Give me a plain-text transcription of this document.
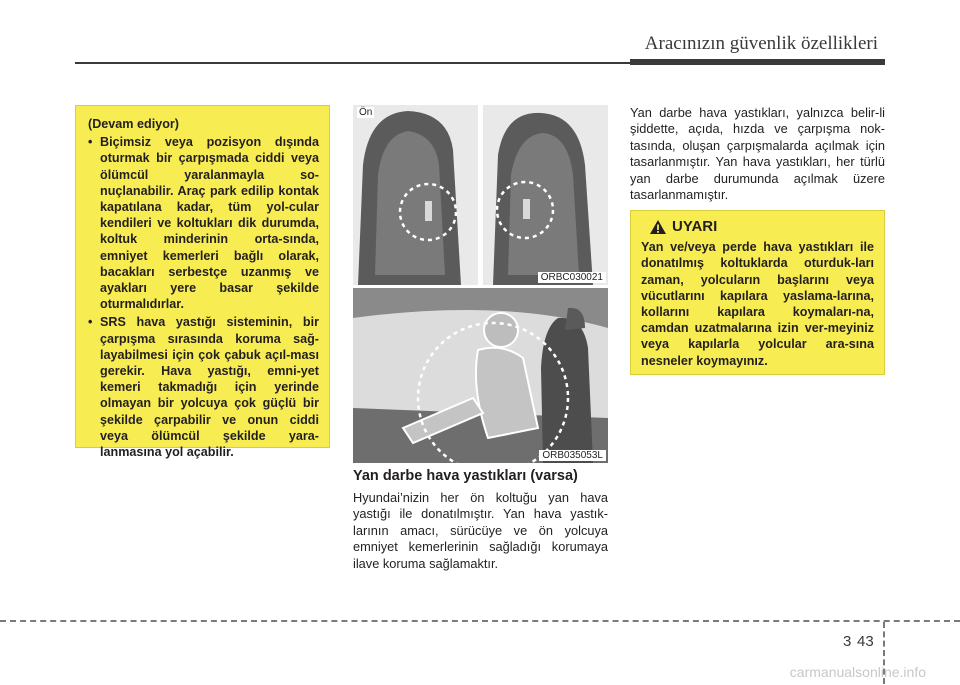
Aracınızın güvenlik özellikleri
(Devam ediyor)
• Biçimsiz veya pozisyon dışında oturmak bir çarpışmada ciddi veya ölümcül yaralanmayla so-nuçlanabilir. Araç park edilip kontak kapatılana kadar, tüm yol-cular kendileri ve koltukları dik durumda, koltuk minderinin orta-sında, emniyet kemerleri bağlı olarak, bacakları serbestçe uzanmış ve ayakları yere basar şekilde oturmalıdırlar.
• SRS hava yastığı sisteminin, bir çarpışma sırasında koruma sağ-layabilmesi için çok çabuk açıl-ması gerekir. Hava yastığı, emni-yet kemeri takmadığı için yerinde olmayan bir yolcuya çok güçlü bir şekilde çarpabilir ve onun ciddi veya ölümcül şekilde yara-lanmasına yol açabilir.
Ön
ORBC030021
ORB035053L
Yan darbe hava yastıkları (varsa)
Hyundai’nizin her ön koltuğu yan hava yastığı ile donatılmıştır. Yan hava yastık-larının amacı, sürücüye ve ön yolcuya emniyet kemerlerinin sağladığı korumaya ilave koruma sağlamaktır.
Yan darbe hava yastıkları, yalnızca belir-li şiddette, açıda, hızda ve çarpışma nok-tasında, oluşan çarpışmalarda açılmak için tasarlanmıştır. Yan hava yastıkları, her türlü yan darbe durumunda açılmak üzere tasarlanmamıştır.
UYARI
Yan ve/veya perde hava yastıkları ile donatılmış koltuklarda oturduk-ları zaman, yolcuların başlarını veya vücutlarını kapılara yaslama-larına, kollarını kapılara koymaları-na, camdan uzatmalarına izin ver-meyiniz veya kapılarla yolcular ara-sına nesneler koymayınız.
3 43
carmanualsonline.info
